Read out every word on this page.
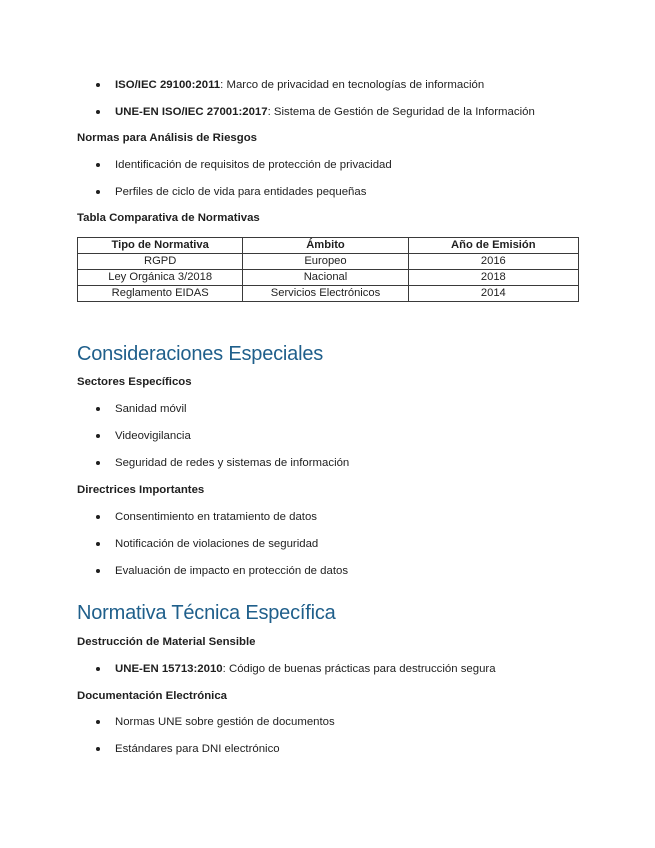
ISO/IEC 29100:2011: Marco de privacidad en tecnologías de información
UNE-EN ISO/IEC 27001:2017: Sistema de Gestión de Seguridad de la Información
Normas para Análisis de Riesgos
Identificación de requisitos de protección de privacidad
Perfiles de ciclo de vida para entidades pequeñas
Tabla Comparativa de Normativas
Tipo de Normativa	Ámbito	Año de Emisión
RGPD	Europeo	2016
Ley Orgánica 3/2018	Nacional	2018
Reglamento EIDAS	Servicios Electrónicos	2014
Consideraciones Especiales
Sectores Específicos
Sanidad móvil
Videovigilancia
Seguridad de redes y sistemas de información
Directrices Importantes
Consentimiento en tratamiento de datos
Notificación de violaciones de seguridad
Evaluación de impacto en protección de datos
Normativa Técnica Específica
Destrucción de Material Sensible
UNE-EN 15713:2010: Código de buenas prácticas para destrucción segura
Documentación Electrónica
Normas UNE sobre gestión de documentos
Estándares para DNI electrónico
